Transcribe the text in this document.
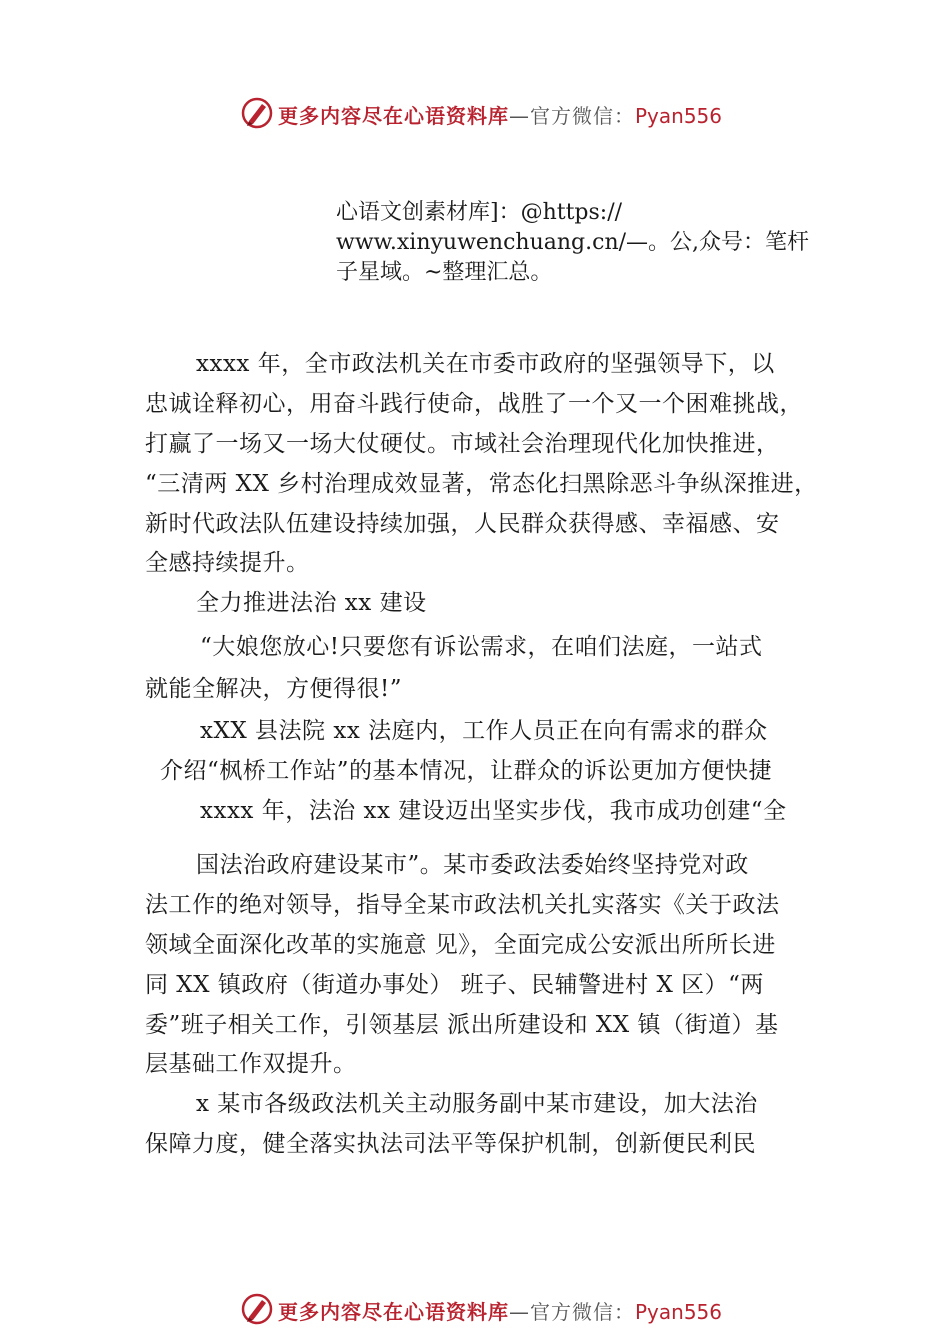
更多内容尽在心语资料库—官方微信：Pyan556
心语文创素材库]：@https://
www.xinyuwenchuang.cn/—。公,众号：笔杆
子星域。~整理汇总。
xxxx 年，全市政法机关在市委市政府的坚强领导下，以
忠诚诠释初心，用奋斗践行使命，战胜了一个又一个困难挑战，
打赢了一场又一场大仗硬仗。市域社会治理现代化加快推进，
“三清两 XX 乡村治理成效显著，常态化扫黑除恶斗争纵深推进，
新时代政法队伍建设持续加强，人民群众获得感、幸福感、安
全感持续提升。
全力推进法治 xx 建设
“大娘您放心!只要您有诉讼需求，在咱们法庭，一站式
就能全解决，方便得很!”
xXX 县法院 xx 法庭内，工作人员正在向有需求的群众
介绍“枫桥工作站”的基本情况，让群众的诉讼更加方便快捷
xxxx 年，法治 xx 建设迈出坚实步伐，我市成功创建“全
国法治政府建设某市”。某市委政法委始终坚持党对政
法工作的绝对领导，指导全某市政法机关扎实落实《关于政法
领域全面深化改革的实施意 见》，全面完成公安派出所所长进
同 XX 镇政府（街道办事处） 班子、民辅警进村 X 区）“两
委”班子相关工作，引领基层 派出所建设和 XX 镇（街道）基
层基础工作双提升。
x 某市各级政法机关主动服务副中某市建设，加大法治
保障力度，健全落实执法司法平等保护机制，创新便民利民
更多内容尽在心语资料库—官方微信：Pyan556
